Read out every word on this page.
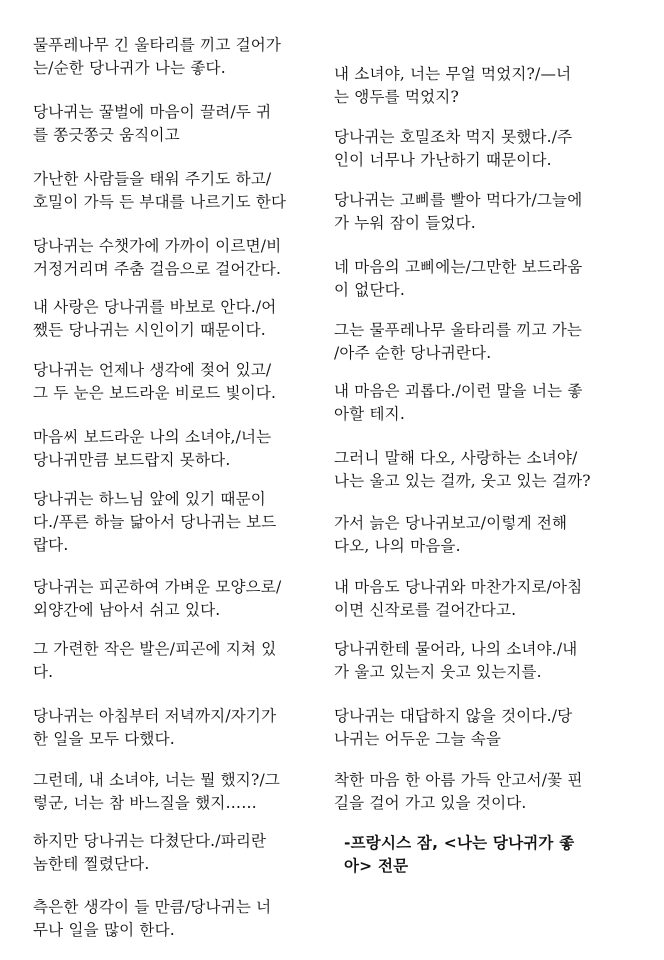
물푸레나무 긴 울타리를 끼고 걸어가
는/순한 당나귀가 나는 좋다.

당나귀는 꿀벌에 마음이 끌려/두 귀
를 쫑긋쫑긋 움직이고

가난한 사람들을 태워 주기도 하고/
호밀이 가득 든 부대를 나르기도 한다

당나귀는 수챗가에 가까이 이르면/비
거정거리며 주춤 걸음으로 걸어간다.

내 사랑은 당나귀를 바보로 안다./어
쨌든 당나귀는 시인이기 때문이다.

당나귀는 언제나 생각에 젖어 있고/
그 두 눈은 보드라운 비로드 빛이다.

마음씨 보드라운 나의 소녀야,/너는
당나귀만큼 보드랍지 못하다.

당나귀는 하느님 앞에 있기 때문이
다./푸른 하늘 닮아서 당나귀는 보드
랍다.

당나귀는 피곤하여 가벼운 모양으로/
외양간에 남아서 쉬고 있다.

그 가련한 작은 발은/피곤에 지쳐 있
다.

당나귀는 아침부터 저녁까지/자기가
한 일을 모두 다했다.

그런데, 내 소녀야, 너는 뭘 했지?/그
렇군, 너는 참 바느질을 했지……

하지만 당나귀는 다쳤단다./파리란
놈한테 찔렸단다.

측은한 생각이 들 만큼/당나귀는 너
무나 일을 많이 한다.

내 소녀야, 너는 무얼 먹었지?/—너
는 앵두를 먹었지?

당나귀는 호밀조차 먹지 못했다./주
인이 너무나 가난하기 때문이다.

당나귀는 고삐를 빨아 먹다가/그늘에
가 누워 잠이 들었다.

네 마음의 고삐에는/그만한 보드라움
이 없단다.

그는 물푸레나무 울타리를 끼고 가는
/아주 순한 당나귀란다.

내 마음은 괴롭다./이런 말을 너는 좋
아할 테지.

그러니 말해 다오, 사랑하는 소녀야/
나는 울고 있는 걸까, 웃고 있는 걸까?

가서 늙은 당나귀보고/이렇게 전해
다오, 나의 마음을.

내 마음도 당나귀와 마찬가지로/아침
이면 신작로를 걸어간다고.

당나귀한테 물어라, 나의 소녀야./내
가 울고 있는지 웃고 있는지를.

당나귀는 대답하지 않을 것이다./당
나귀는 어두운 그늘 속을

착한 마음 한 아름 가득 안고서/꽃 핀
길을 걸어 가고 있을 것이다.

-프랑시스 잠, <나는 당나귀가 좋
아> 전문
